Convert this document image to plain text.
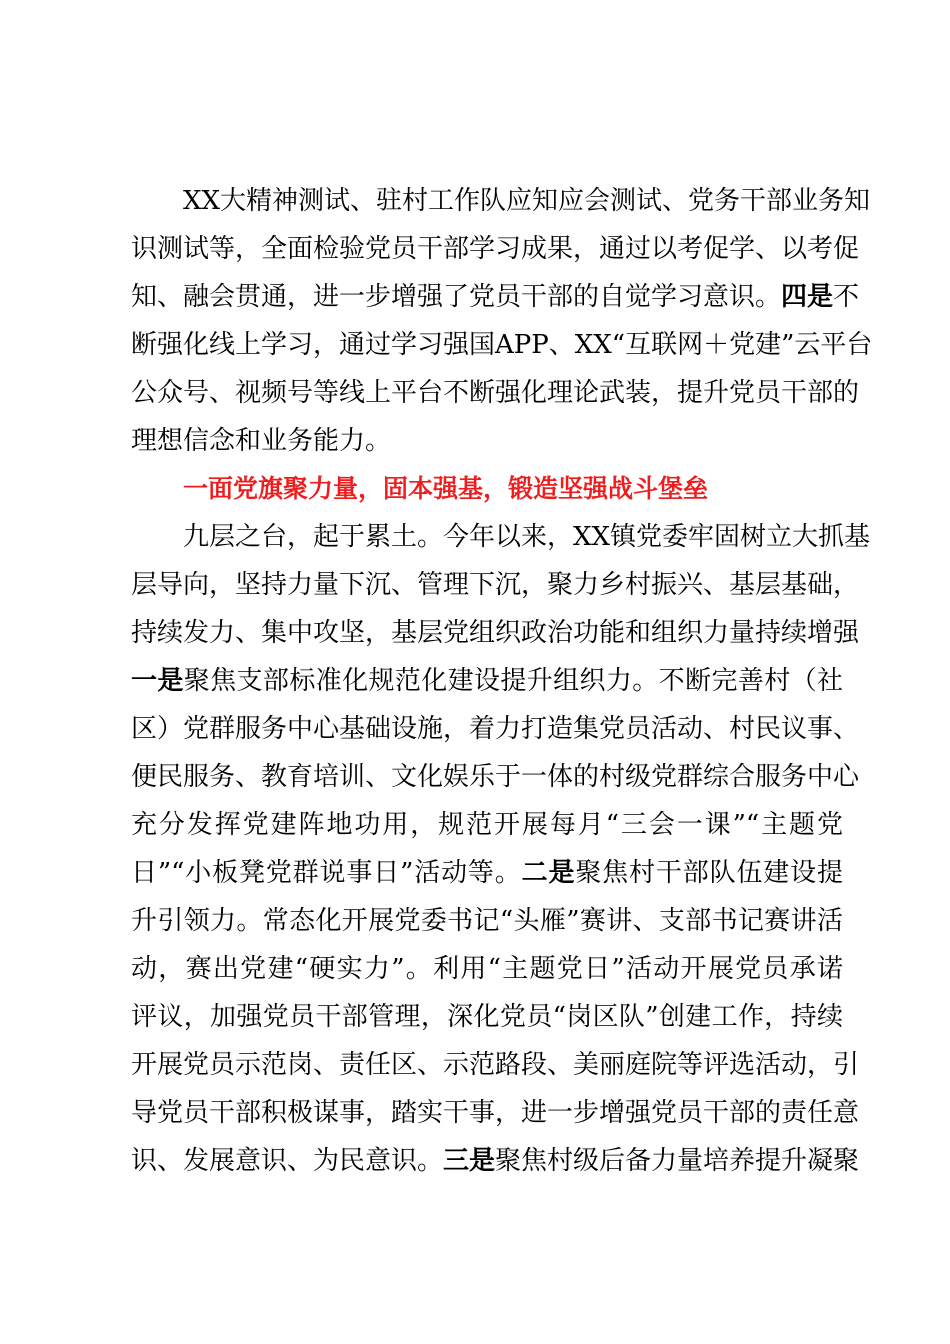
XX大精神测试、驻村工作队应知应会测试、党务干部业务知

识测试等，全面检验党员干部学习成果，通过以考促学、以考促

知、融会贯通，进一步增强了党员干部的自觉学习意识。四是不

断强化线上学习，通过学习强国APP、XX“互联网＋党建”云平台

公众号、视频号等线上平台不断强化理论武装，提升党员干部的

理想信念和业务能力。

一面党旗聚力量，固本强基，锻造坚强战斗堡垒

九层之台，起于累土。今年以来，XX镇党委牢固树立大抓基

层导向，坚持力量下沉、管理下沉，聚力乡村振兴、基层基础，

持续发力、集中攻坚，基层党组织政治功能和组织力量持续增强

一是聚焦支部标准化规范化建设提升组织力。不断完善村（社

区）党群服务中心基础设施，着力打造集党员活动、村民议事、

便民服务、教育培训、文化娱乐于一体的村级党群综合服务中心

充分发挥党建阵地功用，规范开展每月“三会一课”“主题党

日”“小板凳党群说事日”活动等。二是聚焦村干部队伍建设提

升引领力。常态化开展党委书记“头雁”赛讲、支部书记赛讲活

动，赛出党建“硬实力”。利用“主题党日”活动开展党员承诺

评议，加强党员干部管理，深化党员“岗区队”创建工作，持续

开展党员示范岗、责任区、示范路段、美丽庭院等评选活动，引

导党员干部积极谋事，踏实干事，进一步增强党员干部的责任意

识、发展意识、为民意识。三是聚焦村级后备力量培养提升凝聚
